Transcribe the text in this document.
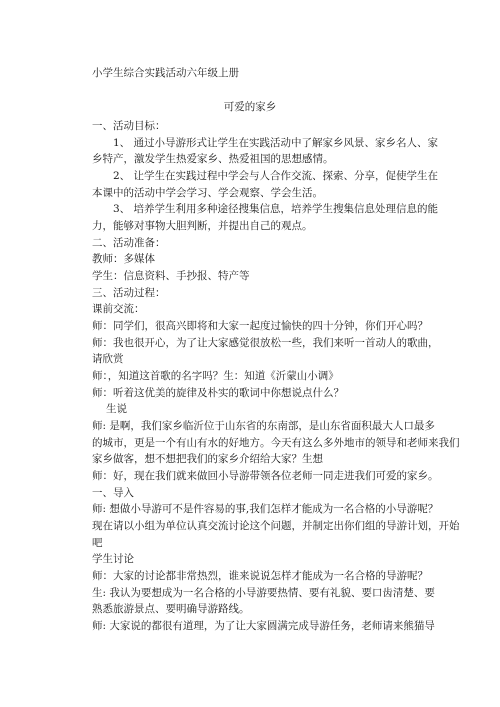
小学生综合实践活动六年级上册
可爱的家乡
一、活动目标：
1、 通过小导游形式让学生在实践活动中了解家乡风景、家乡名人、家
乡特产，激发学生热爱家乡、热爱祖国的思想感情。
2、 让学生在实践过程中学会与人合作交流、探索、分享，促使学生在
本课中的活动中学会学习、学会观察、学会生活。
3、 培养学生利用多种途径搜集信息，培养学生搜集信息处理信息的能
力，能够对事物大胆判断，并提出自己的观点。
二、活动准备：
教师：多媒体
学生：信息资料、手抄报、特产等
三、活动过程：
课前交流：
师：同学们，很高兴即将和大家一起度过愉快的四十分钟，你们开心吗？
师：我也很开心，为了让大家感觉很放松一些，我们来听一首动人的歌曲，
请欣赏
师：，知道这首歌的名字吗？生：知道《沂蒙山小调》
师：听着这优美的旋律及朴实的歌词中你想说点什么？
生说
师: 是啊，我们家乡临沂位于山东省的东南部，是山东省面积最大人口最多
的城市，更是一个有山有水的好地方。今天有这么多外地市的领导和老师来我们
家乡做客，想不想把我们的家乡介绍给大家？生想
师：好，现在我们就来做回小导游带领各位老师一同走进我们可爱的家乡。
一、导入
师: 想做小导游可不是件容易的事,我们怎样才能成为一名合格的小导游呢？
现在请以小组为单位认真交流讨论这个问题，并制定出你们组的导游计划，开始
吧
学生讨论
师：大家的讨论都非常热烈，谁来说说怎样才能成为一名合格的导游呢？
生: 我认为要想成为一名合格的小导游要热情、要有礼貌、要口齿清楚、要
熟悉旅游景点、要明确导游路线。
师: 大家说的都很有道理，为了让大家圆满完成导游任务，老师请来熊猫导
